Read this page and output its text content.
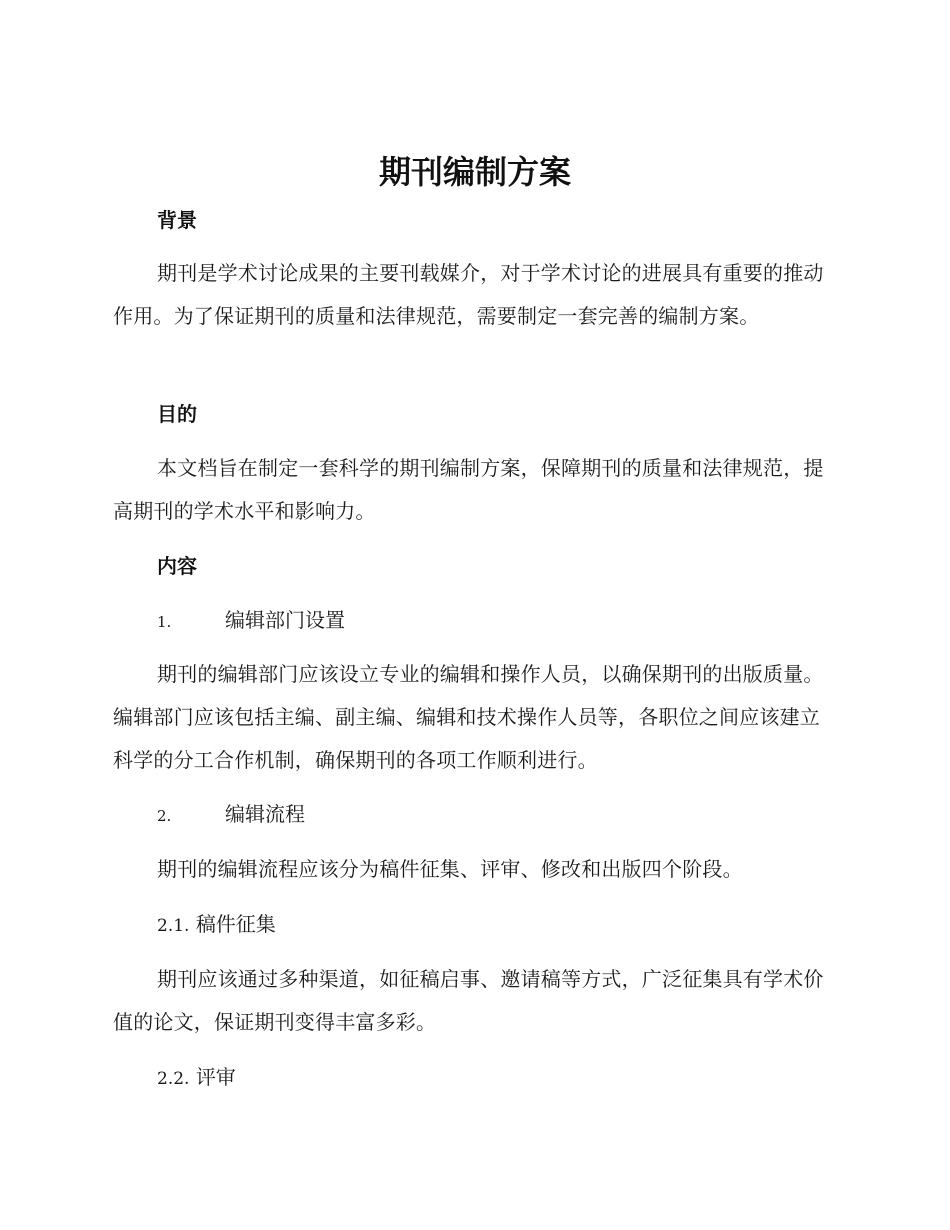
期刊编制方案
背景

期刊是学术讨论成果的主要刊载媒介，对于学术讨论的进展具有重要的推动作用。为了保证期刊的质量和法律规范，需要制定一套完善的编制方案。

目的

本文档旨在制定一套科学的期刊编制方案，保障期刊的质量和法律规范，提高期刊的学术水平和影响力。

内容

1.	编辑部门设置

期刊的编辑部门应该设立专业的编辑和操作人员，以确保期刊的出版质量。编辑部门应该包括主编、副主编、编辑和技术操作人员等，各职位之间应该建立科学的分工合作机制，确保期刊的各项工作顺利进行。

2.	编辑流程

期刊的编辑流程应该分为稿件征集、评审、修改和出版四个阶段。

2.1. 稿件征集

期刊应该通过多种渠道，如征稿启事、邀请稿等方式，广泛征集具有学术价值的论文，保证期刊变得丰富多彩。

2.2. 评审
